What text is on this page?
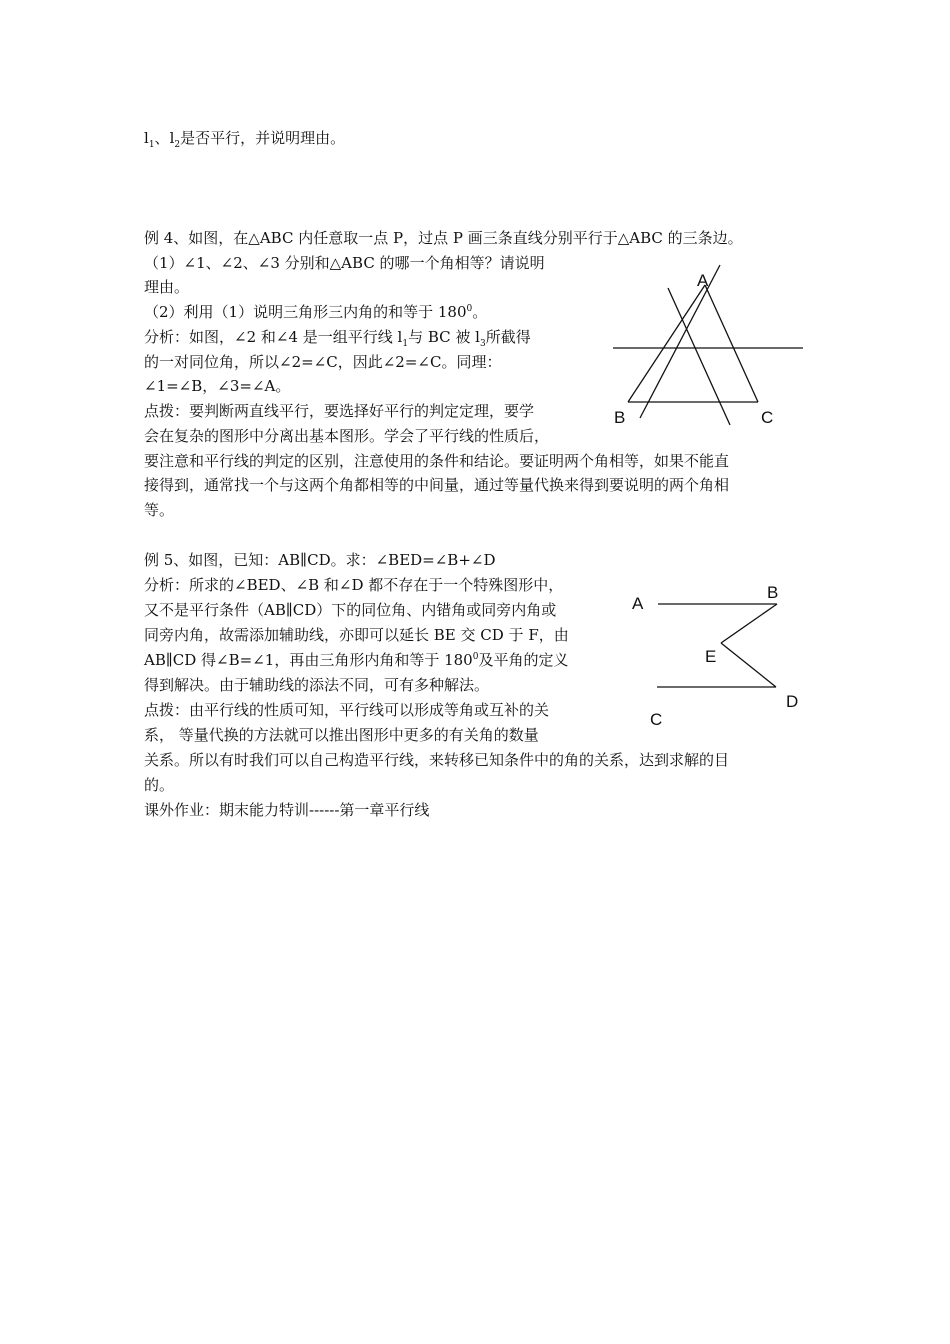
$l_1$、$l_2$是否平行，并说明理由。
例 4、如图，在△ABC 内任意取一点 P，过点 P 画三条直线分别平行于△ABC 的三条边。
（1）∠1、∠2、∠3 分别和△ABC 的哪一个角相等？请说明
理由。
（2）利用（1）说明三角形三内角的和等于 $180^0$。
分析：如图，∠2 和∠4 是一组平行线 $l_1$与 BC 被 $l_3$所截得
的一对同位角，所以∠2=∠C，因此∠2=∠C。同理：
∠1=∠B，∠3=∠A。
点拨：要判断两直线平行，要选择好平行的判定定理，要学
会在复杂的图形中分离出基本图形。学会了平行线的性质后，
要注意和平行线的判定的区别，注意使用的条件和结论。要证明两个角相等，如果不能直
接得到，通常找一个与这两个角都相等的中间量，通过等量代换来得到要说明的两个角相
等。
A
B	C
例 5、如图，已知：AB∥CD。求：∠BED=∠B+∠D
分析：所求的∠BED、∠B 和∠D 都不存在于一个特殊图形中，
又不是平行条件（AB∥CD）下的同位角、内错角或同旁内角或
同旁内角，故需添加辅助线，亦即可以延长 BE 交 CD 于 F，由
AB∥CD 得∠B=∠1，再由三角形内角和等于 $180^0$及平角的定义
得到解决。由于辅助线的添法不同，可有多种解法。
点拨：由平行线的性质可知，平行线可以形成等角或互补的关
系， 等量代换的方法就可以推出图形中更多的有关角的数量
关系。所以有时我们可以自己构造平行线，来转移已知条件中的角的关系，达到求解的目
的。
课外作业：期末能力特训------第一章平行线
A
B
E
D
C
